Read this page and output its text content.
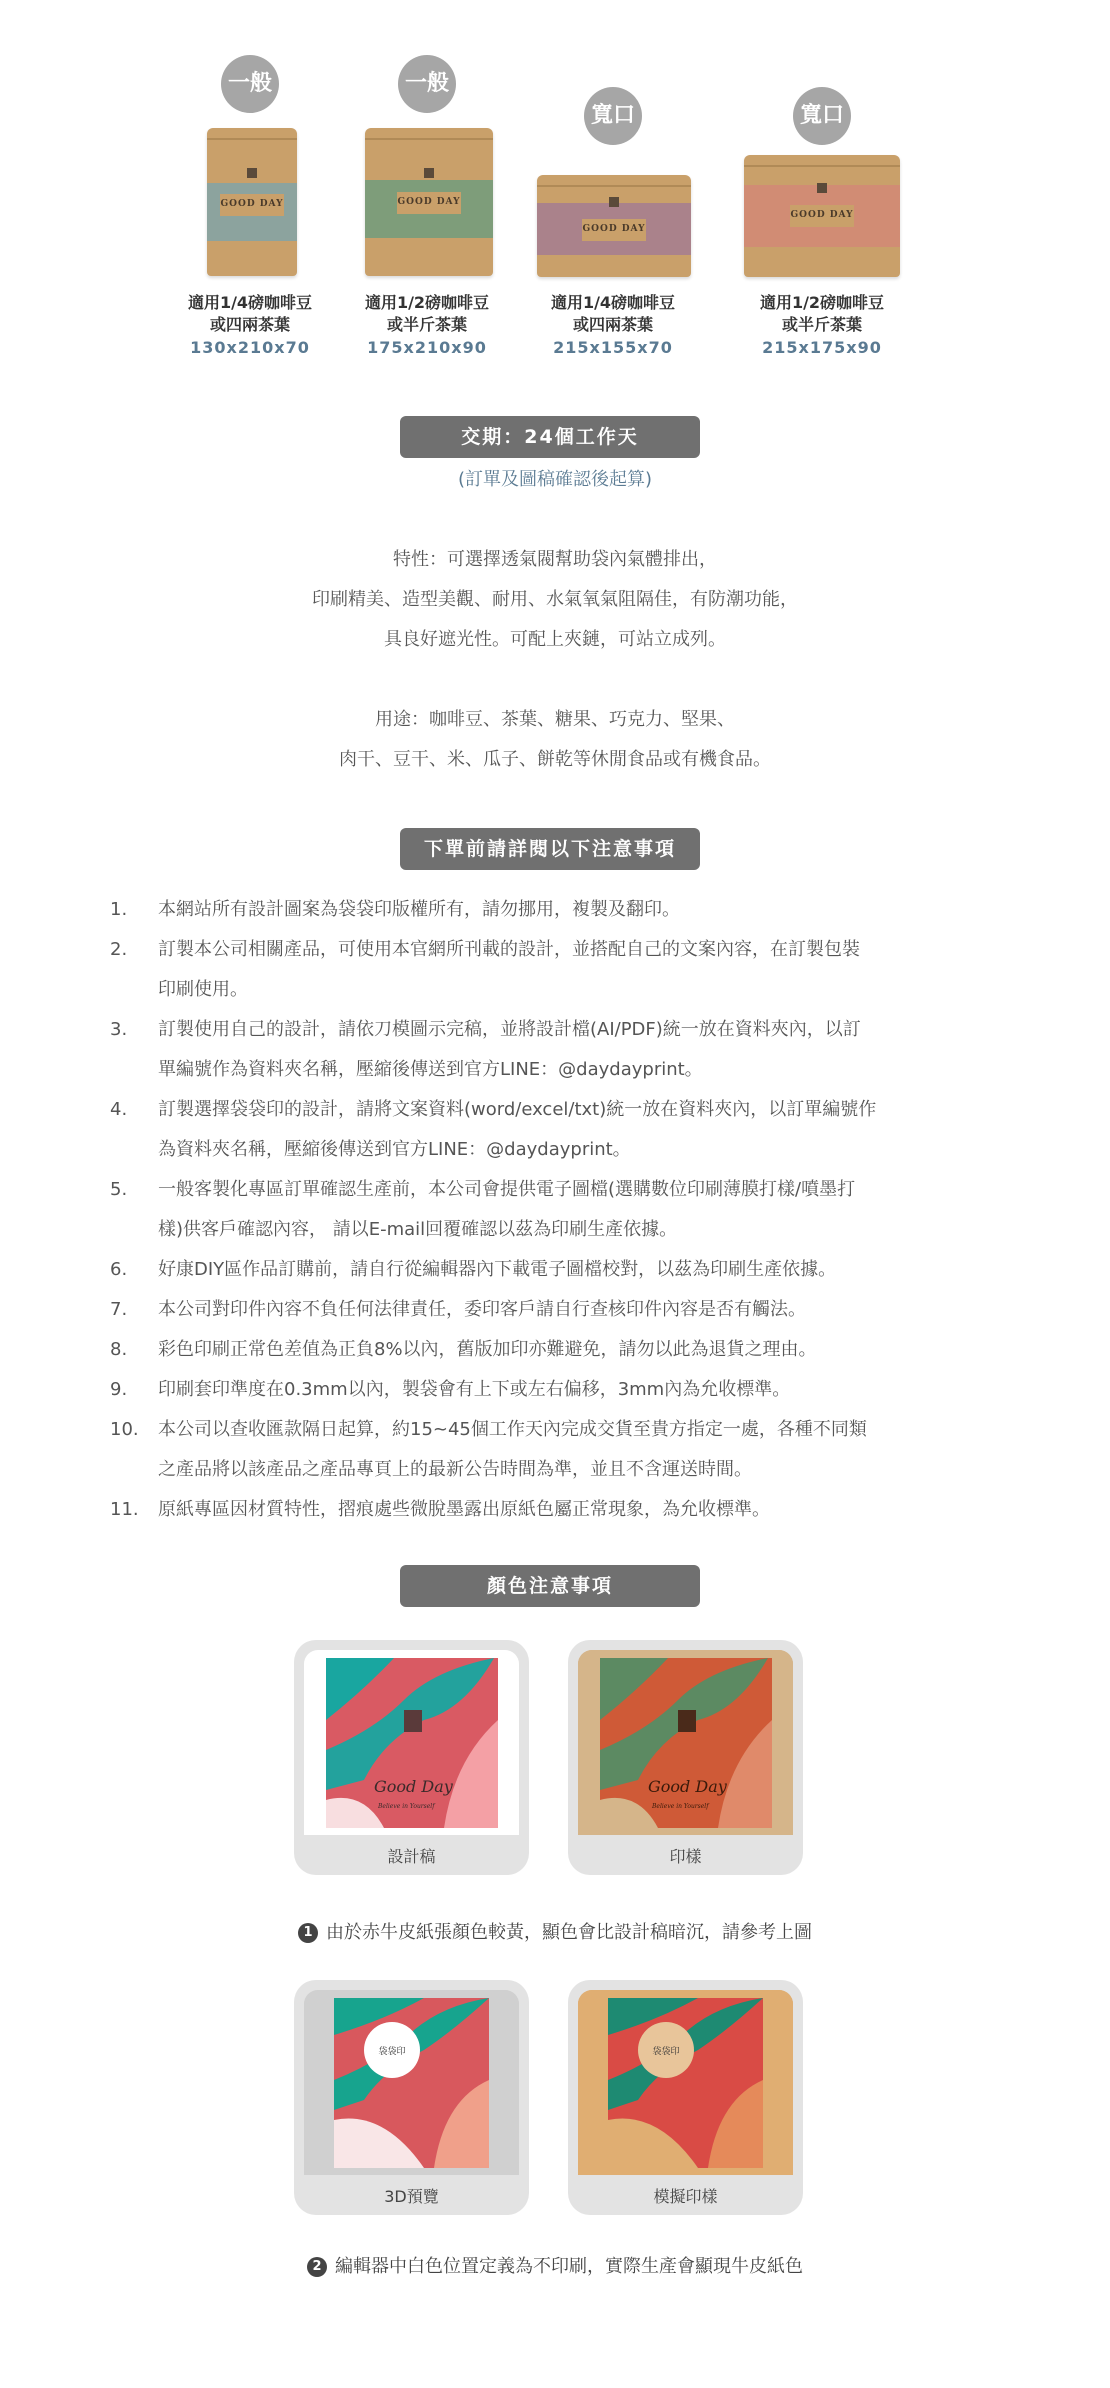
一般
GOOD DAY
適用1/4磅咖啡豆
或四兩茶葉
130x210x70
一般
GOOD DAY
適用1/2磅咖啡豆
或半斤茶葉
175x210x90
寬口
GOOD DAY
適用1/4磅咖啡豆
或四兩茶葉
215x155x70
寬口
GOOD DAY
適用1/2磅咖啡豆
或半斤茶葉
215x175x90
交期：24個工作天
(訂單及圖稿確認後起算)
特性：可選擇透氣閥幫助袋內氣體排出，
印刷精美、造型美觀、耐用、水氣氧氣阻隔佳，有防潮功能，
具良好遮光性。可配上夾鏈，可站立成列。
用途：咖啡豆、茶葉、糖果、巧克力、堅果、
肉干、豆干、米、瓜子、餅乾等休閒食品或有機食品。
下單前請詳閱以下注意事項
1.	本網站所有設計圖案為袋袋印版權所有，請勿挪用，複製及翻印。
2.	訂製本公司相關產品，可使用本官網所刊載的設計，並搭配自己的文案內容，在訂製包裝
印刷使用。
3.	訂製使用自己的設計，請依刀模圖示完稿，並將設計檔(AI/PDF)統一放在資料夾內，以訂
單編號作為資料夾名稱，壓縮後傳送到官方LINE：@daydayprint。
4.	訂製選擇袋袋印的設計，請將文案資料(word/excel/txt)統一放在資料夾內，以訂單編號作
為資料夾名稱，壓縮後傳送到官方LINE：@daydayprint。
5.	一般客製化專區訂單確認生產前，本公司會提供電子圖檔(選購數位印刷薄膜打樣/噴墨打
樣)供客戶確認內容， 請以E-mail回覆確認以茲為印刷生產依據。
6.	好康DIY區作品訂購前，請自行從編輯器內下載電子圖檔校對，以茲為印刷生產依據。
7.	本公司對印件內容不負任何法律責任，委印客戶請自行查核印件內容是否有觸法。
8.	彩色印刷正常色差值為正負8%以內，舊版加印亦難避免，請勿以此為退貨之理由。
9.	印刷套印準度在0.3mm以內，製袋會有上下或左右偏移，3mm內為允收標準。
10.	本公司以查收匯款隔日起算，約15~45個工作天內完成交貨至貴方指定一處，各種不同類
之產品將以該產品之產品專頁上的最新公告時間為準，並且不含運送時間。
11.	原紙專區因材質特性，摺痕處些微脫墨露出原紙色屬正常現象，為允收標準。
顏色注意事項
Good Day
Believe in Yourself
設計稿
Good Day
Believe in Yourself
印樣
1 由於赤牛皮紙張顏色較黃，顯色會比設計稿暗沉，請參考上圖
袋袋印
3D預覽
袋袋印
模擬印樣
2 編輯器中白色位置定義為不印刷，實際生產會顯現牛皮紙色
